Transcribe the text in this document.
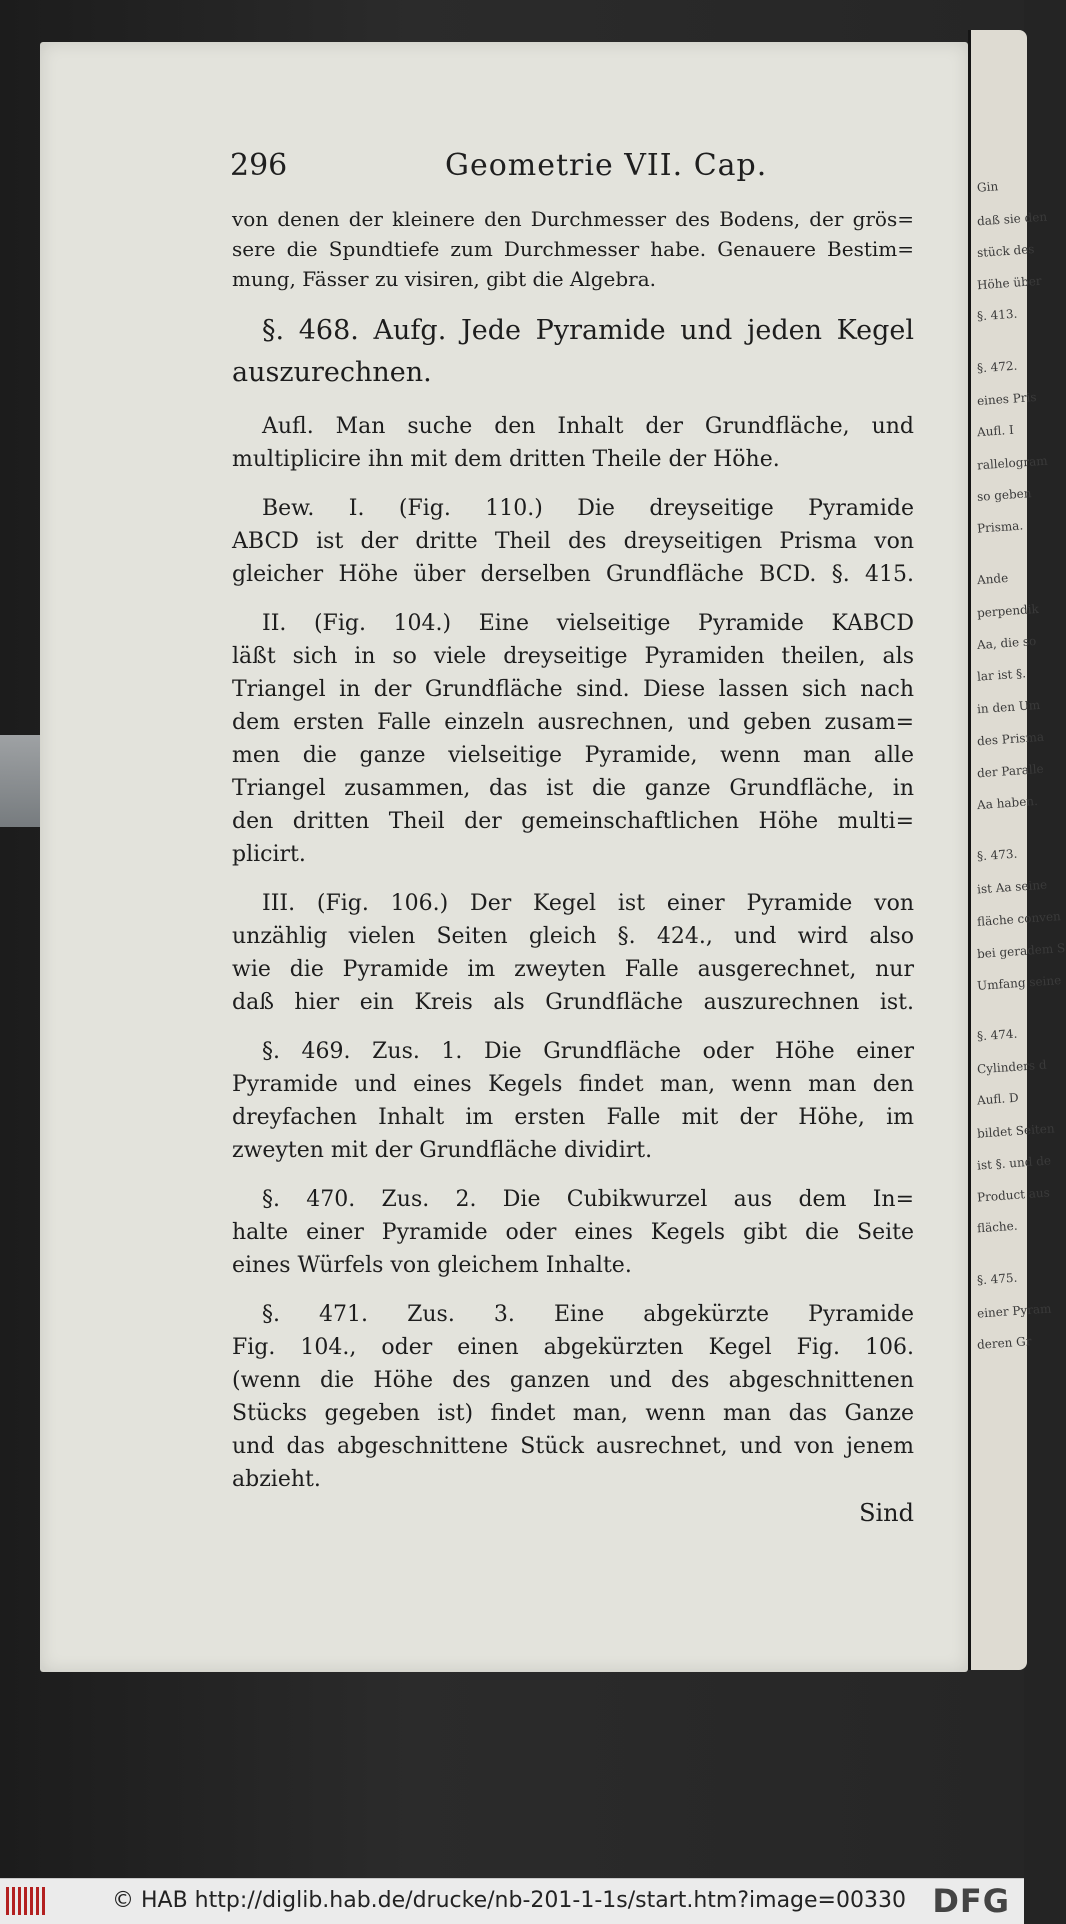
296	Geometrie VII. Cap.
von denen der kleinere den Durchmesser des Bodens, der grös=
sere die Spundtiefe zum Durchmesser habe. Genauere Bestim=
mung, Fässer zu visiren, gibt die Algebra.
§. 468. Aufg. Jede Pyramide und jeden Kegel
auszurechnen.
Aufl. Man suche den Inhalt der Grundfläche, und
multiplicire ihn mit dem dritten Theile der Höhe.
Bew. I. (Fig. 110.) Die dreyseitige Pyramide
ABCD ist der dritte Theil des dreyseitigen Prisma von
gleicher Höhe über derselben Grundfläche BCD. §. 415.
II. (Fig. 104.) Eine vielseitige Pyramide KABCD
läßt sich in so viele dreyseitige Pyramiden theilen, als
Triangel in der Grundfläche sind. Diese lassen sich nach
dem ersten Falle einzeln ausrechnen, und geben zusam=
men die ganze vielseitige Pyramide, wenn man alle
Triangel zusammen, das ist die ganze Grundfläche, in
den dritten Theil der gemeinschaftlichen Höhe multi=
plicirt.
III. (Fig. 106.) Der Kegel ist einer Pyramide von
unzählig vielen Seiten gleich §. 424., und wird also
wie die Pyramide im zweyten Falle ausgerechnet, nur
daß hier ein Kreis als Grundfläche auszurechnen ist.
§. 469. Zus. 1. Die Grundfläche oder Höhe einer
Pyramide und eines Kegels findet man, wenn man den
dreyfachen Inhalt im ersten Falle mit der Höhe, im
zweyten mit der Grundfläche dividirt.
§. 470. Zus. 2. Die Cubikwurzel aus dem In=
halte einer Pyramide oder eines Kegels gibt die Seite
eines Würfels von gleichem Inhalte.
§. 471. Zus. 3. Eine abgekürzte Pyramide
Fig. 104., oder einen abgekürzten Kegel Fig. 106.
(wenn die Höhe des ganzen und des abgeschnittenen
Stücks gegeben ist) findet man, wenn man das Ganze
und das abgeschnittene Stück ausrechnet, und von jenem
abzieht.
Sind
Gin
daß sie den
stück des
Höhe über
§. 413.
§. 472.
eines Pris
Aufl. I
rallelogram
so geben
Prisma.
Ande
perpendik
Aa, die so
lar ist §.
in den Um
des Prisma
der Paralle
Aa haben.
§. 473.
ist Aa seine
fläche conven
bei geradem S
Umfang seine
§. 474.
Cylinders d
Aufl. D
bildet Seiten
ist §. und de
Product aus
fläche.
§. 475.
einer Pyram
deren Gr
© HAB http://diglib.hab.de/drucke/nb-201-1-1s/start.htm?image=00330 DFG
